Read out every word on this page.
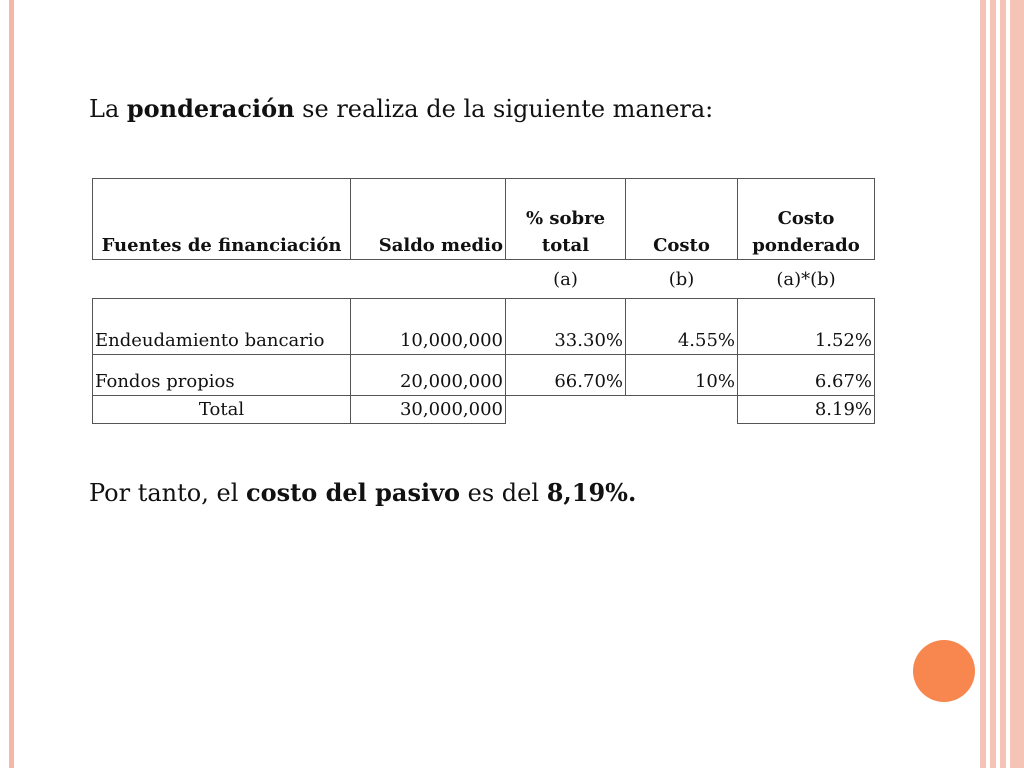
La ponderación se realiza de la siguiente manera:
Fuentes de financiación	Saldo medio	% sobre total	Costo	Costo ponderado
		(a)	(b)	(a)*(b)
Endeudamiento bancario	10,000,000	33.30%	4.55%	1.52%
Fondos propios	20,000,000	66.70%	10%	6.67%
Total	30,000,000			8.19%
Por tanto, el costo del pasivo es del 8,19%.
